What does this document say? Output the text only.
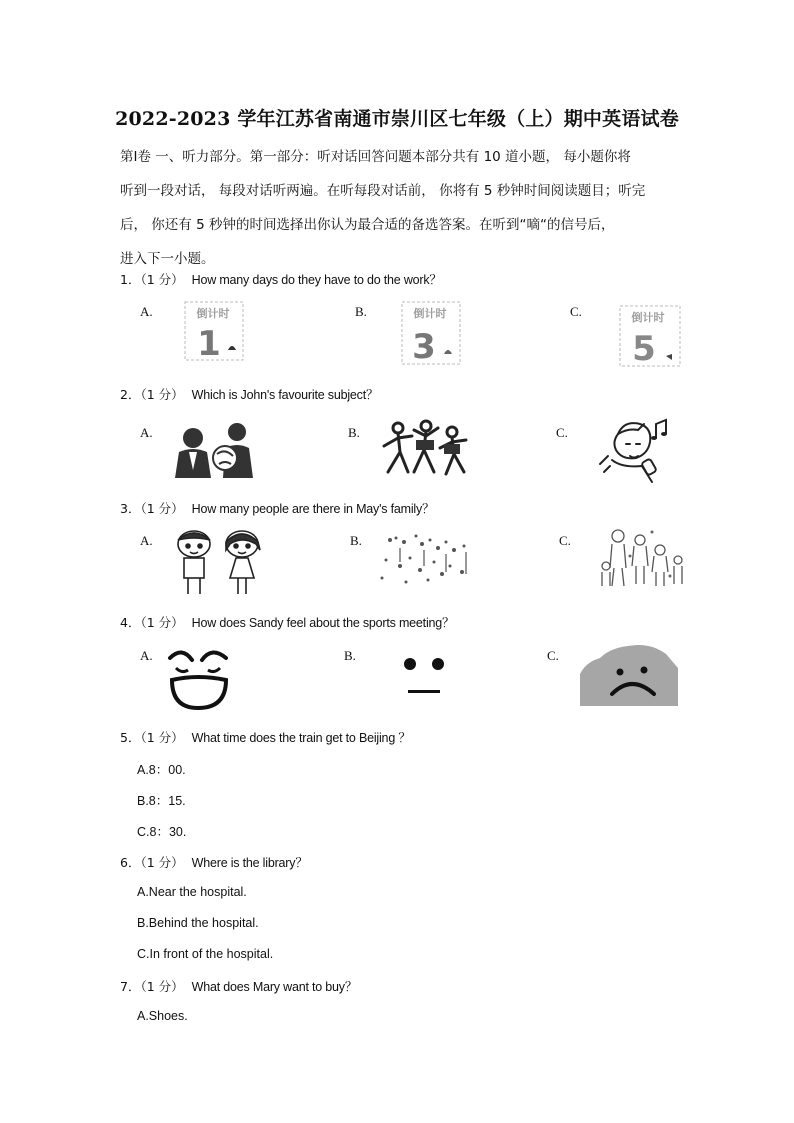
2022-2023 学年江苏省南通市崇川区七年级（上）期中英语试卷
第Ⅰ卷 一、听力部分。第一部分：听对话回答问题本部分共有 10 道小题， 每小题你将
听到一段对话， 每段对话听两遍。在听每段对话前， 你将有 5 秒钟时间阅读题目；听完
后， 你还有 5 秒钟的时间选择出你认为最合适的备选答案。在听到“嘀“的信号后，
进入下一小题。
1．（1 分） How many days do they have to do the work？
A.	B.	C.
倒计时
1
倒计时
3
倒计时
5
2．（1 分） Which is John's favourite subject？
A.	B.	C.
3．（1 分） How many people are there in May's family？
A.	B.	C.
4．（1 分） How does Sandy feel about the sports meeting？
A.	B.	C.
5．（1 分） What time does the train get to Beijing ？
A.8：00.
B.8：15.
C.8：30.
6．（1 分） Where is the library？
A.Near the hospital.
B.Behind the hospital.
C.In front of the hospital.
7．（1 分） What does Mary want to buy？
A.Shoes.
